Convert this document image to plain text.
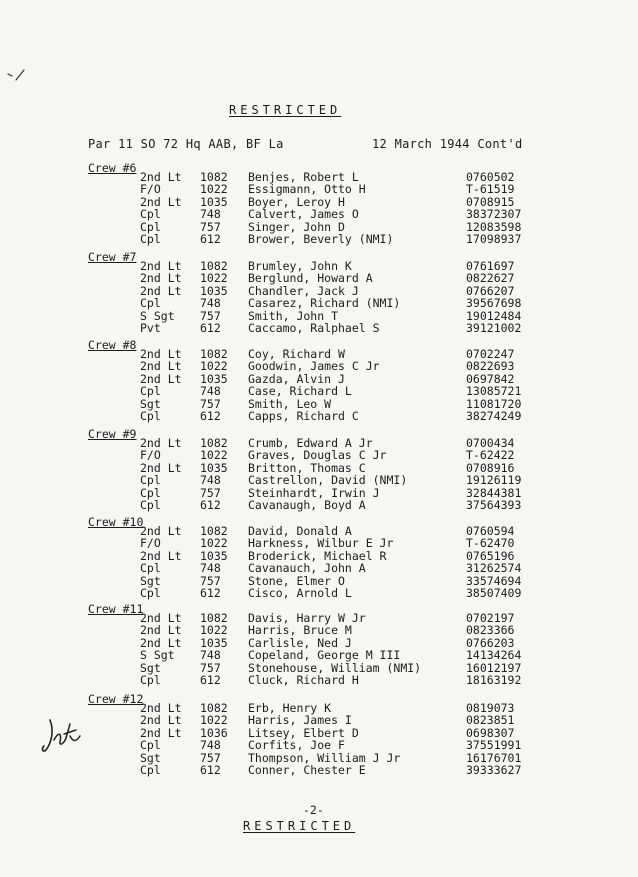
RESTRICTED
Par 11 SO 72 Hq AAB, BF La	12 March 1944 Cont'd
Crew #6
2nd Lt 1082 Benjes, Robert L	0760502
F/O	1022 Essigmann, Otto H	T-61519
2nd Lt 1035 Boyer, Leroy H	0708915
Cpl	748 Calvert, James O	38372307
Cpl	757 Singer, John D	12083598
Cpl	612 Brower, Beverly (NMI)	17098937
Crew #7
2nd Lt 1082 Brumley, John K	0761697
2nd Lt 1022 Berglund, Howard A	0822627
2nd Lt 1035 Chandler, Jack J	0766207
Cpl	748 Casarez, Richard (NMI)	39567698
S Sgt 757 Smith, John T	19012484
Pvt	612 Caccamo, Ralphael S	39121002
Crew #8
2nd Lt 1082 Coy, Richard W	0702247
2nd Lt 1022 Goodwin, James C Jr	0822693
2nd Lt 1035 Gazda, Alvin J	0697842
Cpl	748 Case, Richard L	13085721
Sgt	757 Smith, Leo W	11081720
Cpl	612 Capps, Richard C	38274249
Crew #9
2nd Lt 1082 Crumb, Edward A Jr	0700434
F/O	1022 Graves, Douglas C Jr	T-62422
2nd Lt 1035 Britton, Thomas C	0708916
Cpl	748 Castrellon, David (NMI)	19126119
Cpl	757 Steinhardt, Irwin J	32844381
Cpl	612 Cavanaugh, Boyd A	37564393
Crew #10
2nd Lt 1082 David, Donald A	0760594
F/O	1022 Harkness, Wilbur E Jr	T-62470
2nd Lt 1035 Broderick, Michael R	0765196
Cpl	748 Cavanauch, John A	31262574
Sgt	757 Stone, Elmer O	33574694
Cpl	612 Cisco, Arnold L	38507409
Crew #11
2nd Lt 1082 Davis, Harry W Jr	0702197
2nd Lt 1022 Harris, Bruce M	0823366
2nd Lt 1035 Carlisle, Ned J	0766203
S Sgt 748 Copeland, George M III	14134264
Sgt	757 Stonehouse, William (NMI)	16012197
Cpl	612 Cluck, Richard H	18163192
Crew #12
2nd Lt 1082 Erb, Henry K	0819073
2nd Lt 1022 Harris, James I	0823851
2nd Lt 1036 Litsey, Elbert D	0698307
Cpl	748 Corfits, Joe F	37551991
Sgt	757 Thompson, William J Jr	16176701
Cpl	612 Conner, Chester E	39333627
-2-
RESTRICTED
